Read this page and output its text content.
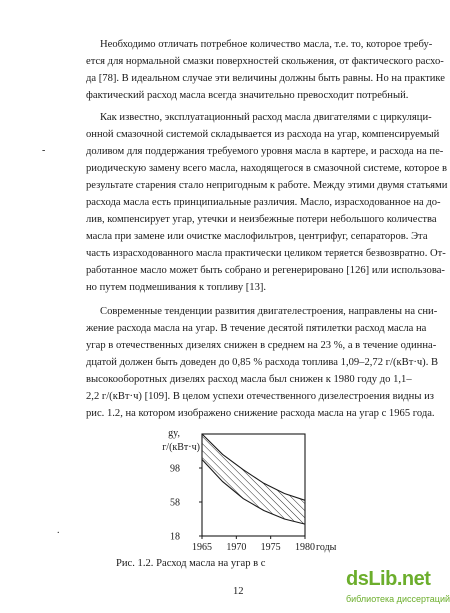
Необходимо отличать потребное количество масла, т.е. то, которое требу-
ется для нормальной смазки поверхностей скольжения, от фактического расхо-
да [78]. В идеальном случае эти величины должны быть равны. Но на практике
фактический расход масла всегда значительно превосходит потребный.
Как известно, эксплуатационный расход масла двигателями с циркуляци-
онной смазочной системой складывается из расхода на угар, компенсируемый
доливом для поддержания требуемого уровня масла в картере, и расхода на пе-
риодическую замену всего масла, находящегося в смазочной системе, которое в
результате старения стало непригодным к работе. Между этими двумя статьями
расхода масла есть принципиальные различия. Масло, израсходованное на до-
лив, компенсирует угар, утечки и неизбежные потери небольшого количества
масла при замене или очистке маслофильтров, центрифуг, сепараторов. Эта
часть израсходованного масла практически целиком теряется безвозвратно. От-
работанное масло может быть собрано и регенерировано [126] или использова-
но путем подмешивания к топливу [13].
Современные тенденции развития двигателестроения, направлены на сни-
жение расхода масла на угар. В течение десятой пятилетки расход масла на
угар в отечественных дизелях снижен в среднем на 23 %, а в течение одинна-
дцатой должен быть доведен до 0,85 % расхода топлива 1,09–2,72 г/(кВт·ч). В
высокооборотных дизелях расход масла был снижен к 1980 году до 1,1–
2,2 г/(кВт·ч) [109]. В целом успехи отечественного дизелестроения видны из
рис. 1.2, на котором изображено снижение расхода масла на угар с 1965 года.
-
.
98
58
18
1965 1970 1975 1980 годы
gy,
г/(кВт·ч)
Рис. 1.2. Расход масла на угар в с
12
dsLib.net
библиотека диссертаций
